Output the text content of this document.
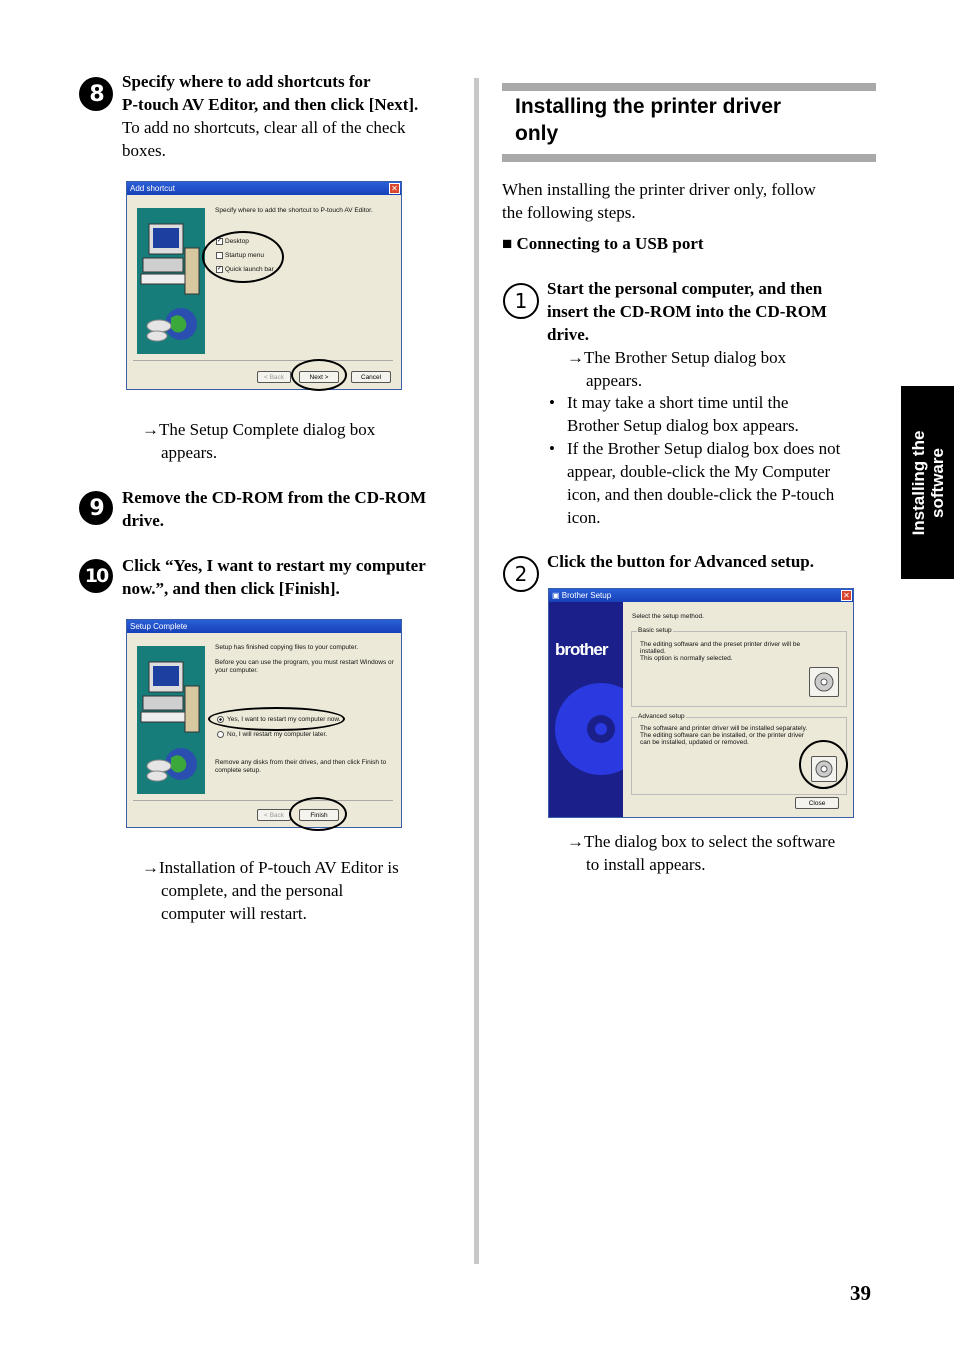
8	Specify where to add shortcuts for
P-touch AV Editor, and then click [Next].
To add no shortcuts, clear all of the check
boxes.
Add shortcut	✕
Specify where to add the shortcut to P-touch AV Editor.
✓ Desktop
Startup menu
✓ Quick launch bar
< Back	Next >	Cancel
→The Setup Complete dialog box
appears.
9	Remove the CD-ROM from the CD-ROM
drive.
10 Click “Yes, I want to restart my computer
now.”, and then click [Finish].
Setup Complete
Setup has finished copying files to your computer.
Before you can use the program, you must restart Windows or
your computer.
Yes, I want to restart my computer now.
No, I will restart my computer later.
Remove any disks from their drives, and then click Finish to
complete setup.
< Back	Finish
→Installation of P-touch AV Editor is
complete, and the personal
computer will restart.
Installing the printer driver
only
When installing the printer driver only, follow
the following steps.
■ Connecting to a USB port
1
Start the personal computer, and then
insert the CD-ROM into the CD-ROM
drive.
→The Brother Setup dialog box
appears.
• It may take a short time until the
Brother Setup dialog box appears.
• If the Brother Setup dialog box does not
appear, double-click the My Computer
icon, and then double-click the P-touch
icon.
2
Click the button for Advanced setup.
▣ Brother Setup	✕
brother
Select the setup method.
Basic setup
The editing software and the preset printer driver will be
installed.
This option is normally selected.
Advanced setup
The software and printer driver will be installed separately.
The editing software can be installed, or the printer driver
can be installed, updated or removed.
Close
→The dialog box to select the software
to install appears.
Installing the software
39
